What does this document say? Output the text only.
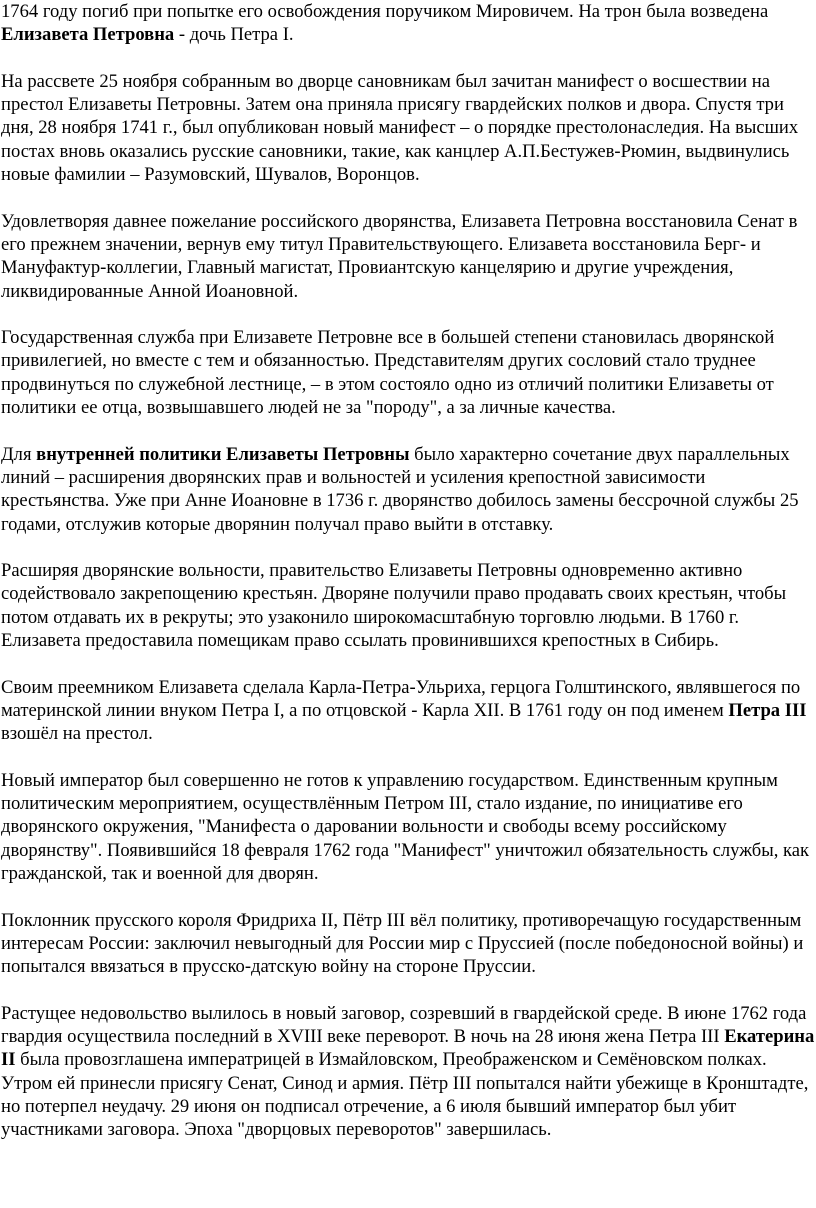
1764 году погиб при попытке его освобождения поручиком Мировичем. На трон была возведена Елизавета Петровна - дочь Петра I.
На рассвете 25 ноября собранным во дворце сановникам был зачитан манифест о восшествии на престол Елизаветы Петровны. Затем она приняла присягу гвардейских полков и двора. Спустя три дня, 28 ноября 1741 г., был опубликован новый манифест – о порядке престолонаследия. На высших постах вновь оказались русские сановники, такие, как канцлер А.П.Бестужев-Рюмин, выдвинулись новые фамилии – Разумовский, Шувалов, Воронцов.
Удовлетворяя давнее пожелание российского дворянства, Елизавета Петровна восстановила Сенат в его прежнем значении, вернув ему титул Правительствующего. Елизавета восстановила Берг- и Мануфактур-коллегии, Главный магистат, Провиантскую канцелярию и другие учреждения, ликвидированные Анной Иоановной.
Государственная служба при Елизавете Петровне все в большей степени становилась дворянской привилегией, но вместе с тем и обязанностью. Представителям других сословий стало труднее продвинуться по служебной лестнице, – в этом состояло одно из отличий политики Елизаветы от политики ее отца, возвышавшего людей не за "породу", а за личные качества.
Для внутренней политики Елизаветы Петровны было характерно сочетание двух параллельных линий – расширения дворянских прав и вольностей и усиления крепостной зависимости крестьянства. Уже при Анне Иоановне в 1736 г. дворянство добилось замены бессрочной службы 25 годами, отслужив которые дворянин получал право выйти в отставку.
Расширяя дворянские вольности, правительство Елизаветы Петровны одновременно активно содействовало закрепощению крестьян. Дворяне получили право продавать своих крестьян, чтобы потом отдавать их в рекруты; это узаконило широкомасштабную торговлю людьми. В 1760 г. Елизавета предоставила помещикам право ссылать провинившихся крепостных в Сибирь.
Своим преемником Елизавета сделала Карла-Петра-Ульриха, герцога Голштинского, являвшегося по материнской линии внуком Петра I, а по отцовской - Карла XII. В 1761 году он под именем Петра III взошёл на престол.
Новый император был совершенно не готов к управлению государством. Единственным крупным политическим мероприятием, осуществлённым Петром III, стало издание, по инициативе его дворянского окружения, "Манифеста о даровании вольности и свободы всему российскому дворянству". Появившийся 18 февраля 1762 года "Манифест" уничтожил обязательность службы, как гражданской, так и военной для дворян.
Поклонник прусского короля Фридриха II, Пётр III вёл политику, противоречащую государственным интересам России: заключил невыгодный для России мир с Пруссией (после победоносной войны) и попытался ввязаться в прусско-датскую войну на стороне Пруссии.
Растущее недовольство вылилось в новый заговор, созревший в гвардейской среде. В июне 1762 года гвардия осуществила последний в XVIII веке переворот. В ночь на 28 июня жена Петра III Екатерина II была провозглашена императрицей в Измайловском, Преображенском и Семёновском полках. Утром ей принесли присягу Сенат, Синод и армия. Пётр III попытался найти убежище в Кронштадте, но потерпел неудачу. 29 июня он подписал отречение, а 6 июля бывший император был убит участниками заговора. Эпоха "дворцовых переворотов" завершилась.
